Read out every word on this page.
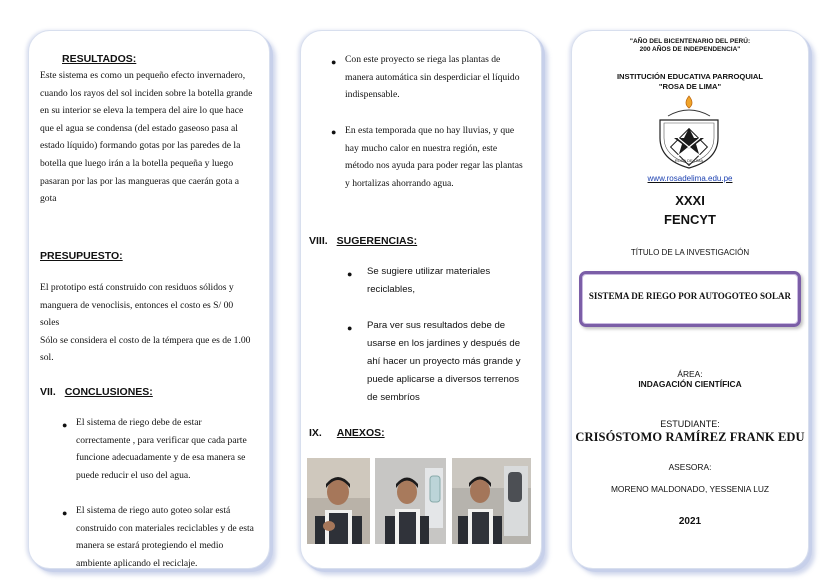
RESULTADOS:
Este sistema es como un pequeño efecto invernadero,
cuando los rayos del sol inciden sobre la botella grande
en su interior se eleva la tempera del aire lo que hace
que el agua se condensa (del estado gaseoso pasa al
estado líquido) formando gotas por las paredes de la
botella que luego irán a la botella pequeña y luego
pasaran por las por las mangueras que caerán gota a
gota
PRESUPUESTO:
El prototipo está construido con residuos sólidos y
manguera de venoclisis, entonces el costo es S/ 00
soles
Sólo se considera el costo de la témpera que es de 1.00
sol.
VII. CONCLUSIONES:
● El sistema de riego debe de estar
correctamente , para verificar que cada parte
funcione adecuadamente y de esa manera se
puede reducir el uso del agua.
● El sistema de riego auto goteo solar está
construido con materiales reciclables y de esta
manera se estará protegiendo el medio
ambiente aplicando el reciclaje.
● Con este proyecto se riega las plantas de
manera automática sin desperdiciar el líquido
indispensable.
● En esta temporada que no hay lluvias, y que
hay mucho calor en nuestra región, este
método nos ayuda para poder regar las plantas
y hortalizas ahorrando agua.
VIII. SUGERENCIAS:
● Se sugiere utilizar materiales
reciclables,
● Para ver sus resultados debe de
usarse en los jardines y después de
ahí hacer un proyecto más grande y
puede aplicarse a diversos terrenos
de sembríos
IX. ANEXOS:
"AÑO DEL BICENTENARIO DEL PERÚ:
200 AÑOS DE INDEPENDENCIA"
INSTITUCIÓN EDUCATIVA PARROQUIAL
"ROSA DE LIMA"
ROSA DE LIMA
www.rosadelima.edu.pe
XXXI
FENCYT
TÍTULO DE LA INVESTIGACIÓN
SISTEMA DE RIEGO POR AUTOGOTEO SOLAR
ÁREA:
INDAGACIÓN CIENTÍFICA
ESTUDIANTE:
CRISÓSTOMO RAMÍREZ FRANK EDU
ASESORA:
MORENO MALDONADO, YESSENIA LUZ
2021
